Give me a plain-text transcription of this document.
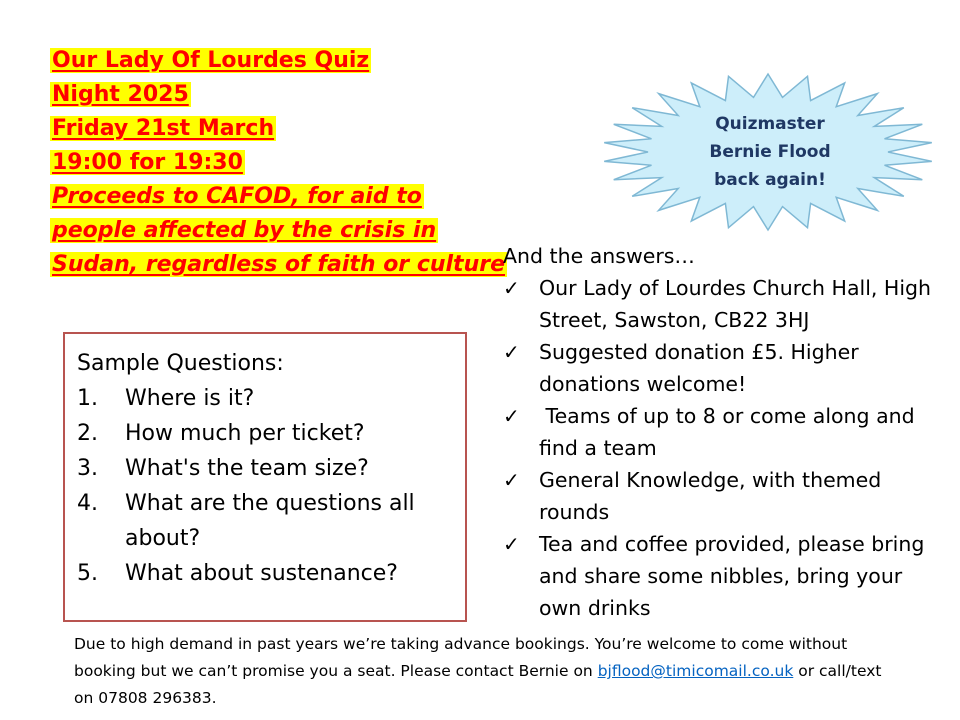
Our Lady Of Lourdes Quiz
Night 2025
Friday 21st March
19:00 for 19:30
Proceeds to CAFOD, for aid to
people affected by the crisis in
Sudan, regardless of faith or culture
Quizmaster
Bernie Flood
back again!
Sample Questions:
1. Where is it?
2. How much per ticket?
3. What's the team size?
4. What are the questions all about?
5. What about sustenance?
And the answers…
✓ Our Lady of Lourdes Church Hall, High Street, Sawston, CB22 3HJ
✓ Suggested donation £5. Higher donations welcome!
✓ Teams of up to 8 or come along and find a team
✓ General Knowledge, with themed rounds
✓ Tea and coffee provided, please bring and share some nibbles, bring your own drinks
Due to high demand in past years we’re taking advance bookings. You’re welcome to come without booking but we can’t promise you a seat. Please contact Bernie on bjflood@timicomail.co.uk or call/text on 07808 296383.
